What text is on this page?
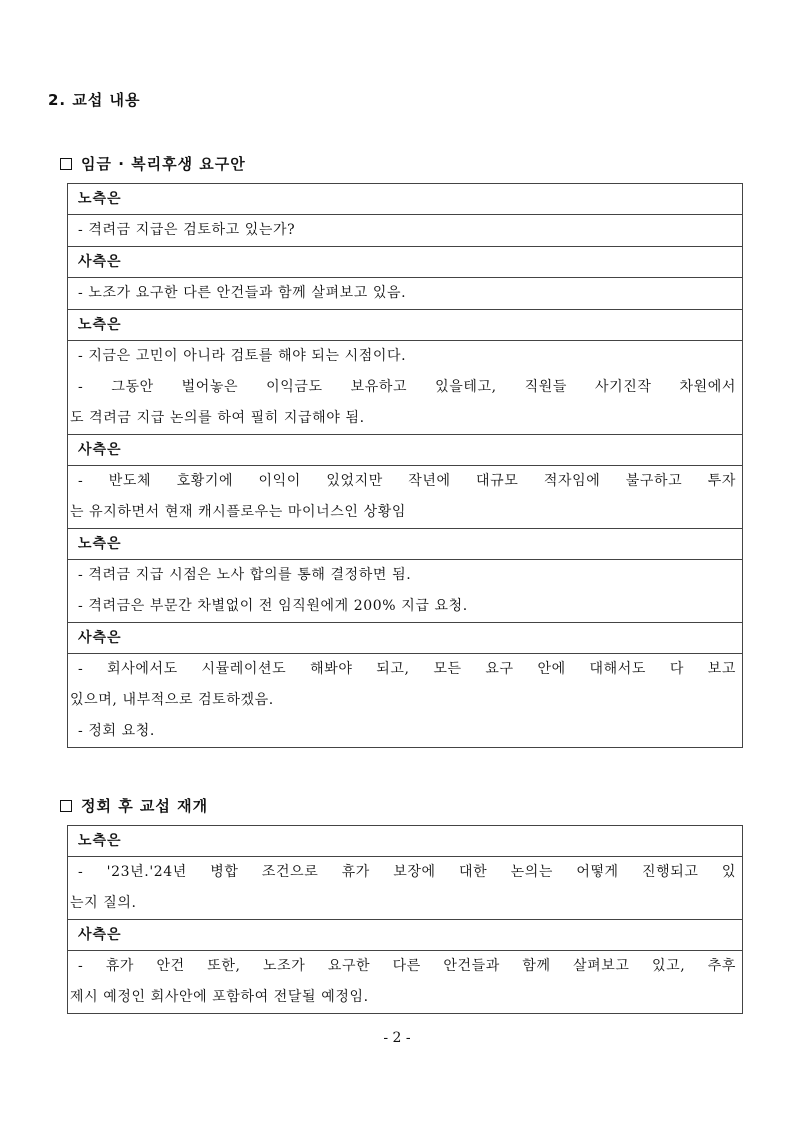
2. 교섭 내용
임금 · 복리후생 요구안
노측은
- 격려금 지급은 검토하고 있는가?
사측은
- 노조가 요구한 다른 안건들과 함께 살펴보고 있음.
노측은
- 지금은 고민이 아니라 검토를 해야 되는 시점이다.
- 그동안 벌어놓은 이익금도 보유하고 있을테고, 직원들 사기진작 차원에서
도 격려금 지급 논의를 하여 필히 지급해야 됨.
사측은
- 반도체 호황기에 이익이 있었지만 작년에 대규모 적자임에 불구하고 투자
는 유지하면서 현재 캐시플로우는 마이너스인 상황임
노측은
- 격려금 지급 시점은 노사 합의를 통해 결정하면 됨.
- 격려금은 부문간 차별없이 전 임직원에게 200% 지급 요청.
사측은
- 회사에서도 시뮬레이션도 해봐야 되고, 모든 요구 안에 대해서도 다 보고
있으며, 내부적으로 검토하겠음.
- 정회 요청.
정회 후 교섭 재개
노측은
- '23년.'24년 병합 조건으로 휴가 보장에 대한 논의는 어떻게 진행되고 있
는지 질의.
사측은
- 휴가 안건 또한, 노조가 요구한 다른 안건들과 함께 살펴보고 있고, 추후
제시 예정인 회사안에 포함하여 전달될 예정임.
- 2 -
